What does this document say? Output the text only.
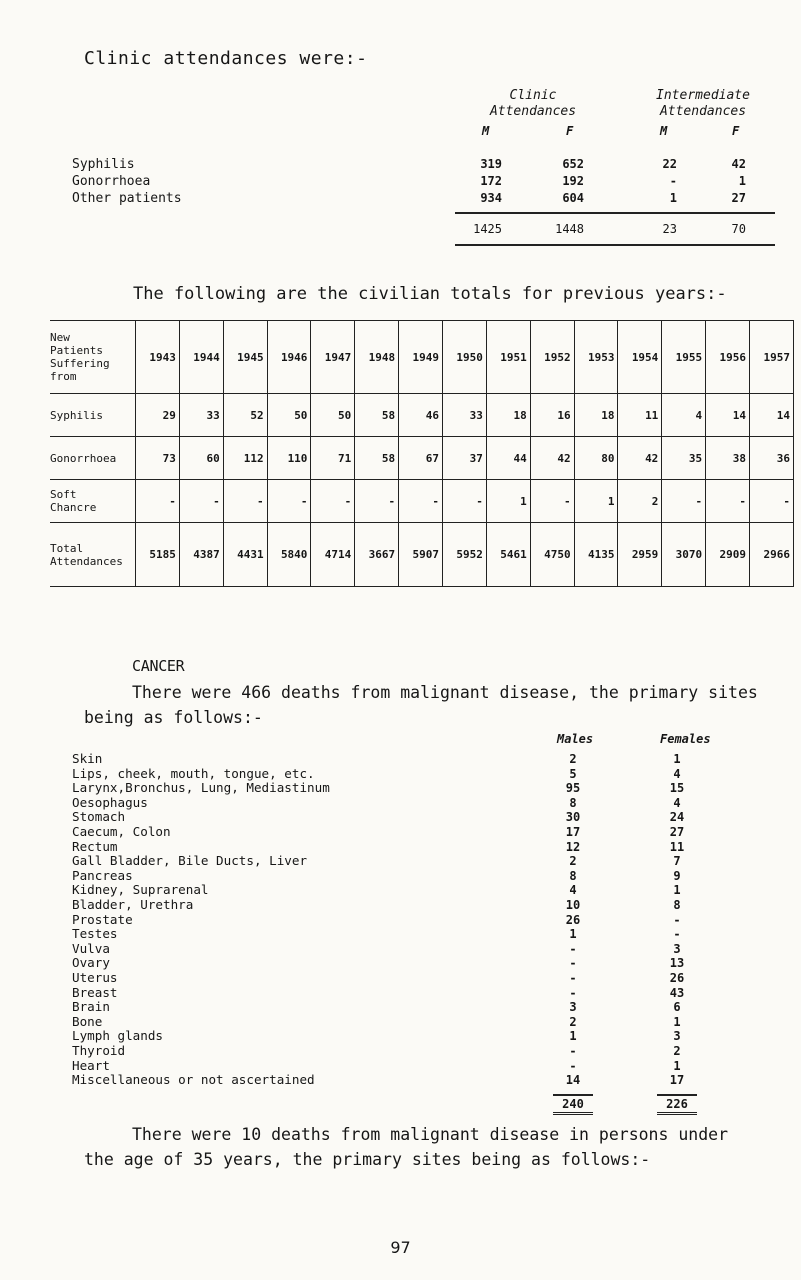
Clinic attendances were:-
Clinic
Attendances
Intermediate
Attendances
M	F	M	F
Syphilis	319	652	22	42
Gonorrhoea	172	192	-	1
Other patients	934	604	1	27
1425	1448	23	70
The following are the civilian totals for previous years:-
New
Patients
Suffering
from	1943	1944	1945	1946	1947	1948	1949	1950	1951	1952	1953	1954	1955	1956	1957

Syphilis	29	33	52	50	50	58	46	33	18	16	18	11	4	14	14

Gonorrhoea	73	60	112	110	71	58	67	37	44	42	80	42	35	38	36

Soft
Chancre	-	-	-	-	-	-	-	-	1	-	1	2	-	-	-

Total
Attendances	5185	4387	4431	5840	4714	3667	5907	5952	5461	4750	4135	2959	3070	2909	2966
CANCER
There were 466 deaths from malignant disease, the primary sites
being as follows:-
Males	Females
Skin	2	1
Lips, cheek, mouth, tongue, etc.	5	4
Larynx,Bronchus, Lung, Mediastinum	95	15
Oesophagus	8	4
Stomach	30	24
Caecum, Colon	17	27
Rectum	12	11
Gall Bladder, Bile Ducts, Liver	2	7
Pancreas	8	9
Kidney, Suprarenal	4	1
Bladder, Urethra	10	8
Prostate	26	-
Testes	1	-
Vulva	-	3
Ovary	-	13
Uterus	-	26
Breast	-	43
Brain	3	6
Bone	2	1
Lymph glands	1	3
Thyroid	-	2
Heart	-	1
Miscellaneous or not ascertained	14	17
240	226
There were 10 deaths from malignant disease in persons under
the age of 35 years, the primary sites being as follows:-
97
